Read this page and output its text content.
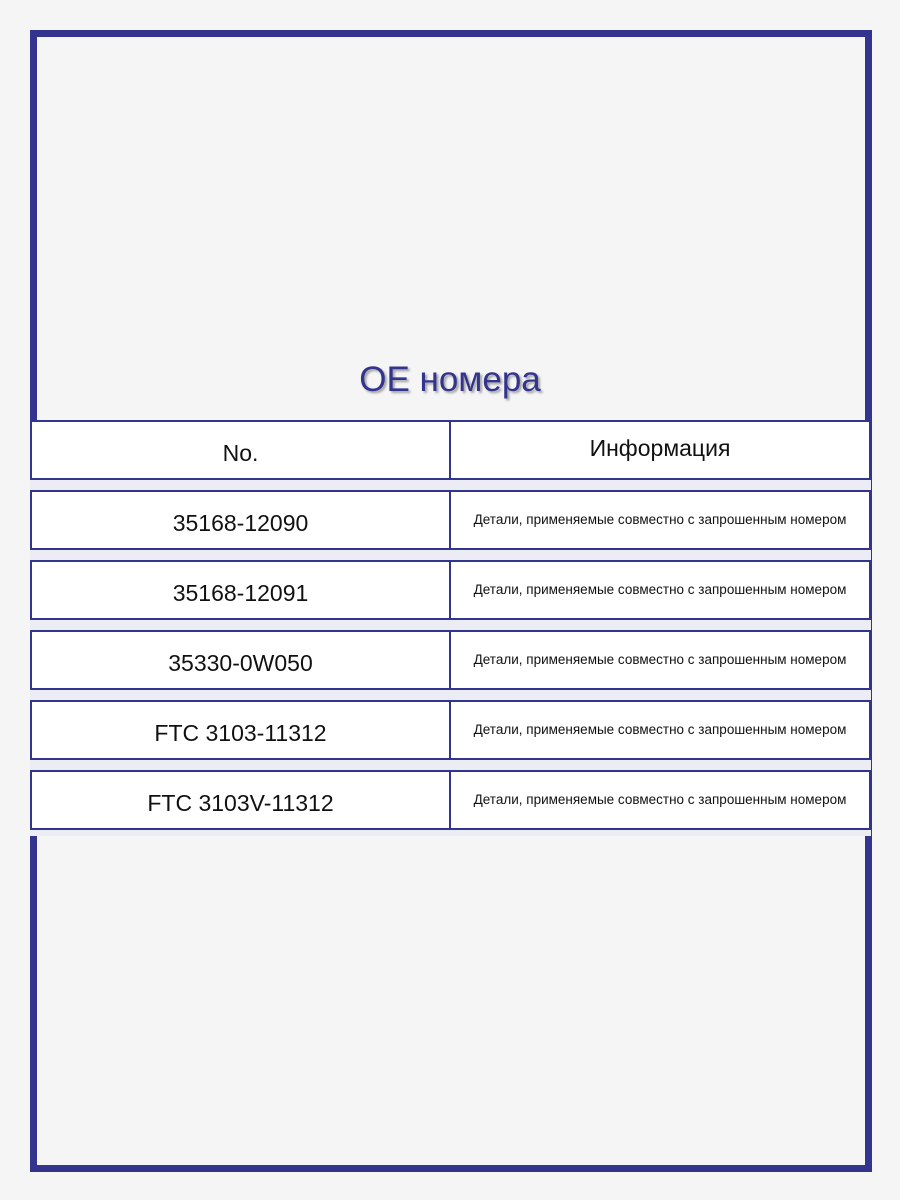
OE номера
No.	Информация
35168-12090	Детали, применяемые совместно с запрошенным номером
35168-12091	Детали, применяемые совместно с запрошенным номером
35330-0W050	Детали, применяемые совместно с запрошенным номером
FTC 3103-11312	Детали, применяемые совместно с запрошенным номером
FTC 3103V-11312	Детали, применяемые совместно с запрошенным номером
